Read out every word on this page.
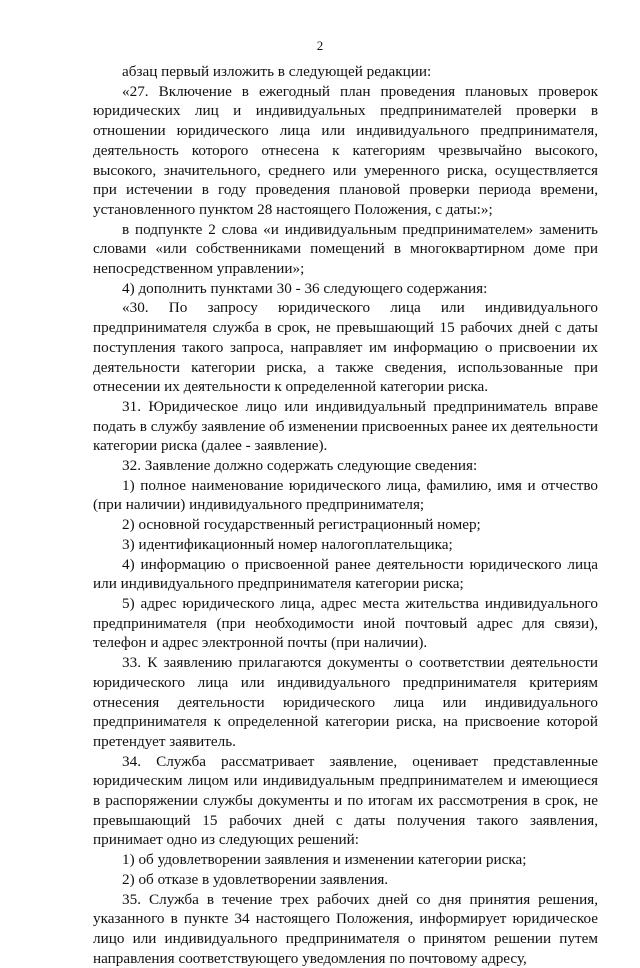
2

абзац первый изложить в следующей редакции:

«27. Включение в ежегодный план проведения плановых проверок юридических лиц и индивидуальных предпринимателей проверки в отношении юридического лица или индивидуального предпринимателя, деятельность которого отнесена к категориям чрезвычайно высокого, высокого, значительного, среднего или умеренного риска, осуществляется при истечении в году проведения плановой проверки периода времени, установленного пунктом 28 настоящего Положения, с даты:»;

в подпункте 2 слова «и индивидуальным предпринимателем» заменить словами «или собственниками помещений в многоквартирном доме при непосредственном управлении»;

4) дополнить пунктами 30 - 36 следующего содержания:

«30. По запросу юридического лица или индивидуального предпринимателя служба в срок, не превышающий 15 рабочих дней с даты поступления такого запроса, направляет им информацию о присвоении их деятельности категории риска, а также сведения, использованные при отнесении их деятельности к определенной категории риска.

31. Юридическое лицо или индивидуальный предприниматель вправе подать в службу заявление об изменении присвоенных ранее их деятельности категории риска (далее - заявление).

32. Заявление должно содержать следующие сведения:

1) полное наименование юридического лица, фамилию, имя и отчество (при наличии) индивидуального предпринимателя;

2) основной государственный регистрационный номер;

3) идентификационный номер налогоплательщика;

4) информацию о присвоенной ранее деятельности юридического лица или индивидуального предпринимателя категории риска;

5) адрес юридического лица, адрес места жительства индивидуального предпринимателя (при необходимости иной почтовый адрес для связи), телефон и адрес электронной почты (при наличии).

33. К заявлению прилагаются документы о соответствии деятельности юридического лица или индивидуального предпринимателя критериям отнесения деятельности юридического лица или индивидуального предпринимателя к определенной категории риска, на присвоение которой претендует заявитель.

34. Служба рассматривает заявление, оценивает представленные юридическим лицом или индивидуальным предпринимателем и имеющиеся в распоряжении службы документы и по итогам их рассмотрения в срок, не превышающий 15 рабочих дней с даты получения такого заявления, принимает одно из следующих решений:

1) об удовлетворении заявления и изменении категории риска;

2) об отказе в удовлетворении заявления.

35. Служба в течение трех рабочих дней со дня принятия решения, указанного в пункте 34 настоящего Положения, информирует юридическое лицо или индивидуального предпринимателя о принятом решении путем направления соответствующего уведомления по почтовому адресу,
